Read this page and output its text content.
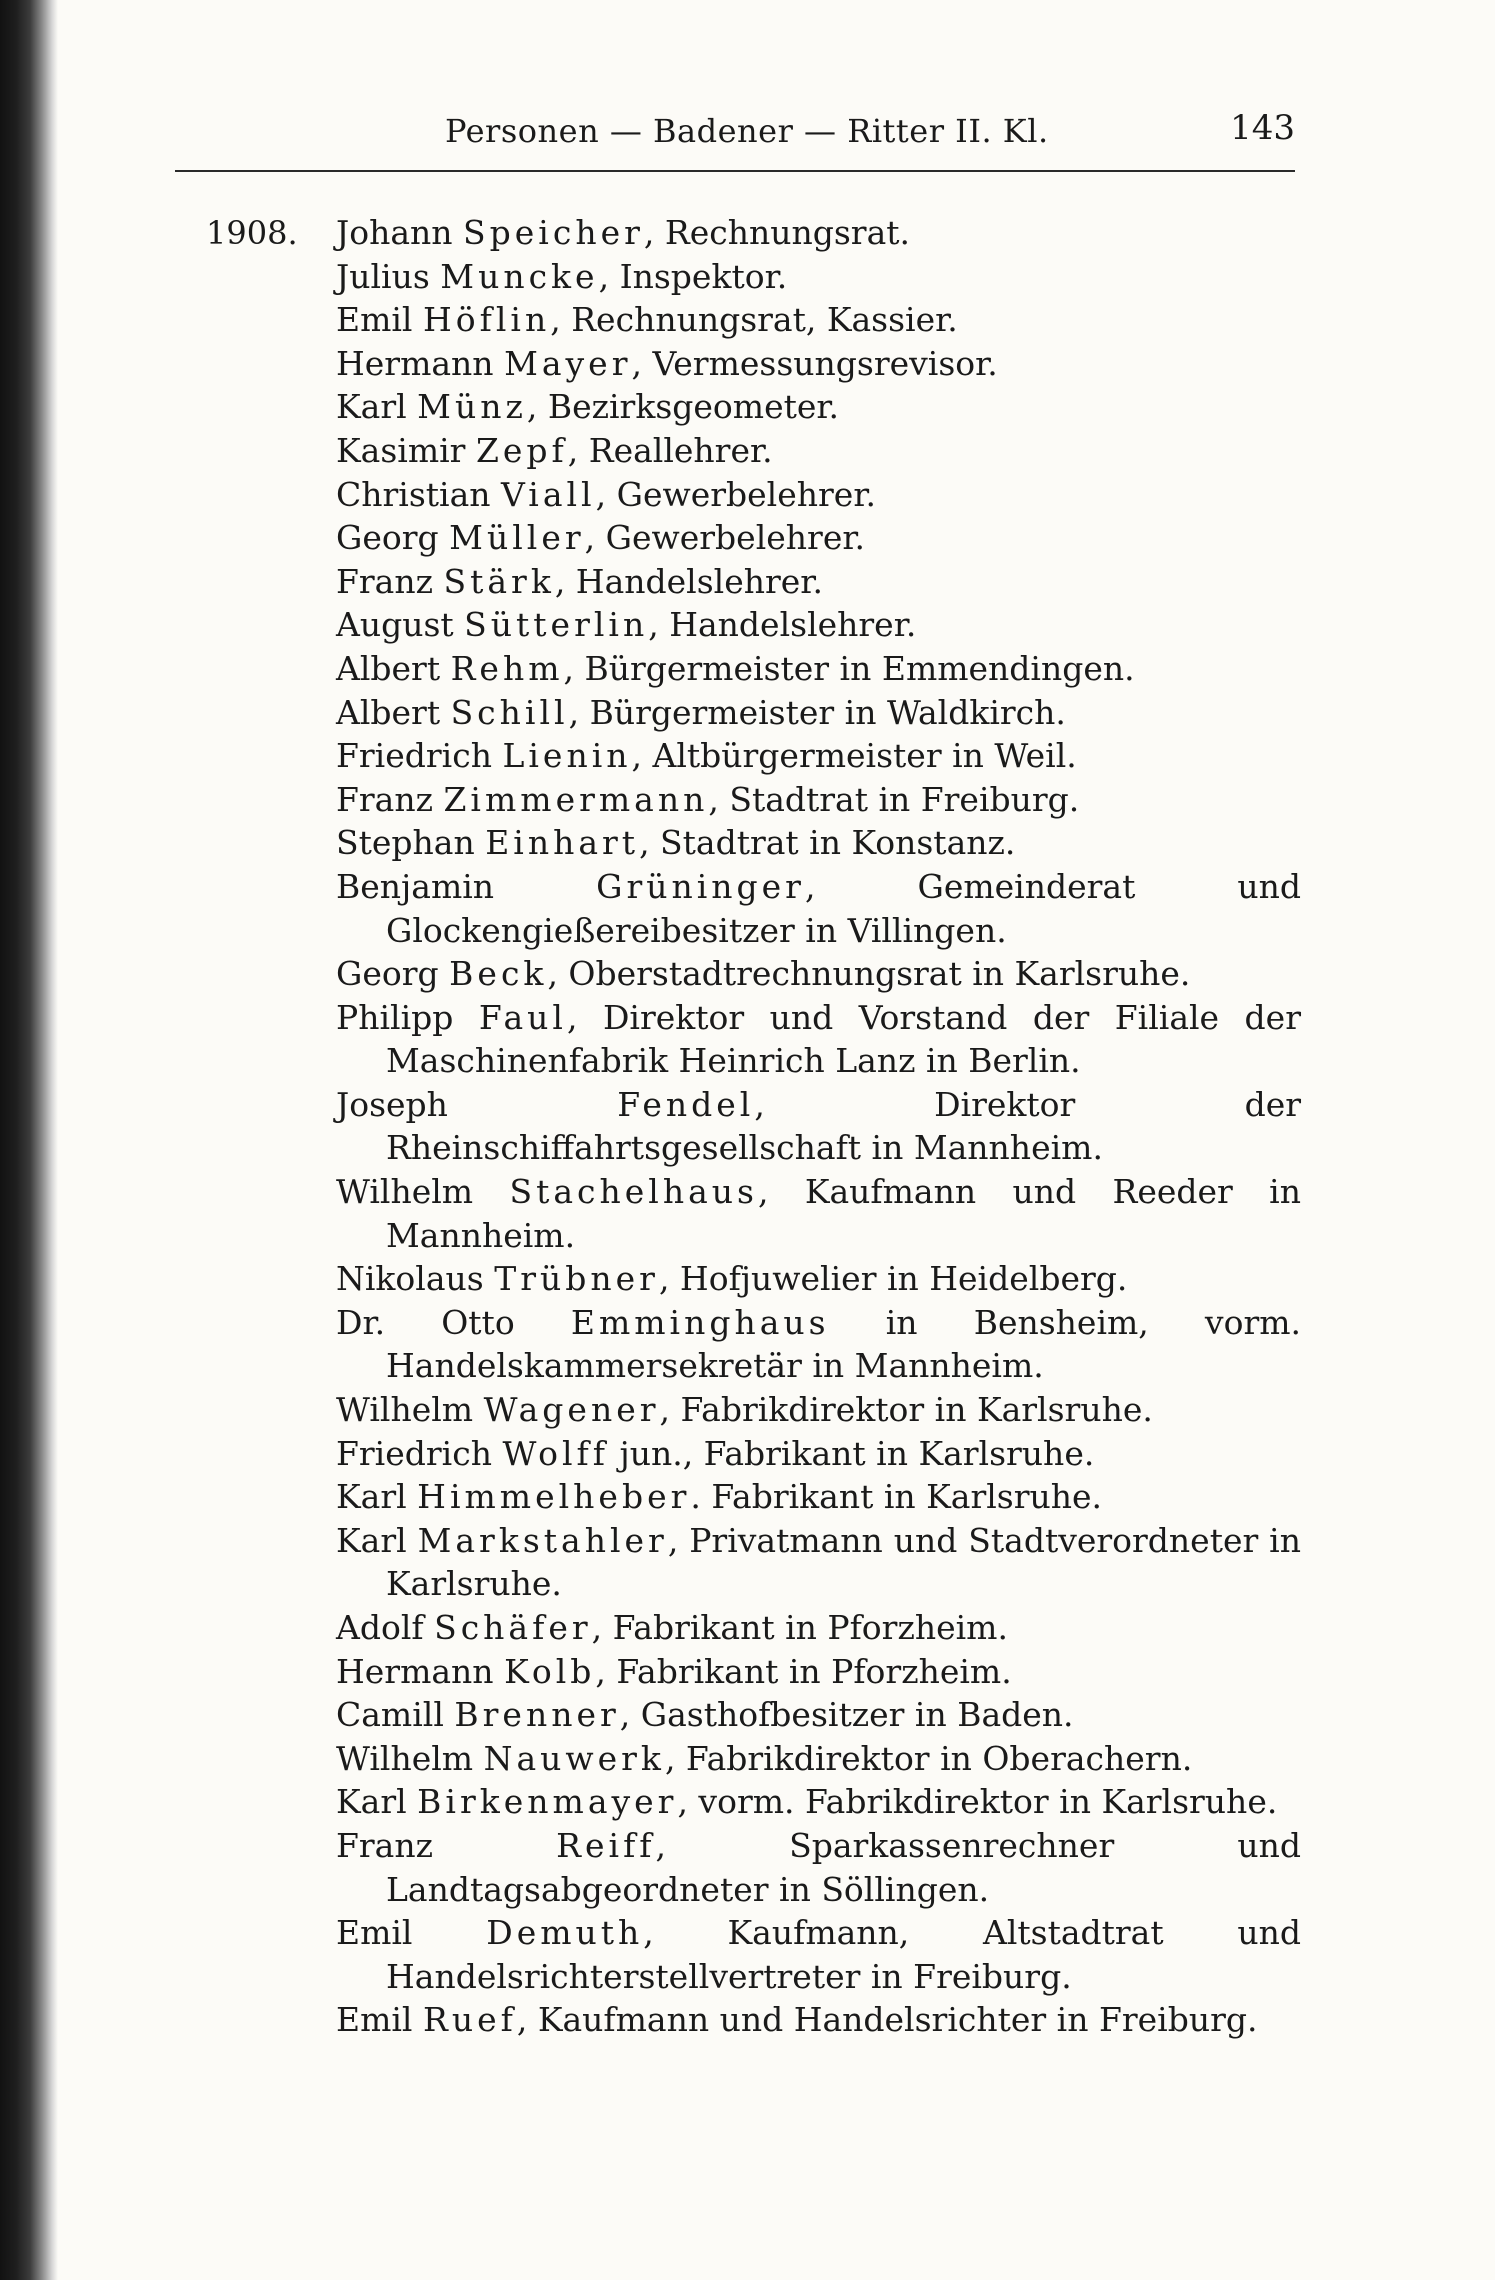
Personen — Badener — Ritter II. Kl.	143
1908. Johann Speicher, Rechnungsrat.
Julius Muncke, Inspektor.
Emil Höflin, Rechnungsrat, Kassier.
Hermann Mayer, Vermessungsrevisor.
Karl Münz, Bezirksgeometer.
Kasimir Zepf, Reallehrer.
Christian Viall, Gewerbelehrer.
Georg Müller, Gewerbelehrer.
Franz Stärk, Handelslehrer.
August Sütterlin, Handelslehrer.
Albert Rehm, Bürgermeister in Emmendingen.
Albert Schill, Bürgermeister in Waldkirch.
Friedrich Lienin, Altbürgermeister in Weil.
Franz Zimmermann, Stadtrat in Freiburg.
Stephan Einhart, Stadtrat in Konstanz.
Benjamin	Grüninger, Gemeinderat und Glockengießereibesitzer in Villingen.
Georg Beck, Oberstadtrechnungsrat in Karlsruhe.
Philipp Faul, Direktor und Vorstand der Filiale der Maschinenfabrik Heinrich Lanz in Berlin.
Joseph	Fendel, Direktor der Rheinschiffahrtsgesellschaft in Mannheim.
Wilhelm Stachelhaus, Kaufmann und Reeder in Mannheim.
Nikolaus Trübner, Hofjuwelier in Heidelberg.
Dr. Otto Emminghaus in Bensheim, vorm. Handelskammersekretär in Mannheim.
Wilhelm Wagener, Fabrikdirektor in Karlsruhe.
Friedrich Wolff jun., Fabrikant in Karlsruhe.
Karl Himmelheber. Fabrikant in Karlsruhe.
Karl Markstahler, Privatmann und Stadtverordneter in Karlsruhe.
Adolf Schäfer, Fabrikant in Pforzheim.
Hermann Kolb, Fabrikant in Pforzheim.
Camill Brenner, Gasthofbesitzer in Baden.
Wilhelm Nauwerk, Fabrikdirektor in Oberachern.
Karl Birkenmayer, vorm. Fabrikdirektor in Karlsruhe.
Franz	Reiff, Sparkassenrechner und Landtagsabgeordneter in Söllingen.
Emil Demuth, Kaufmann, Altstadtrat und Handelsrichterstellvertreter in Freiburg.
Emil Ruef, Kaufmann und Handelsrichter in Freiburg.
